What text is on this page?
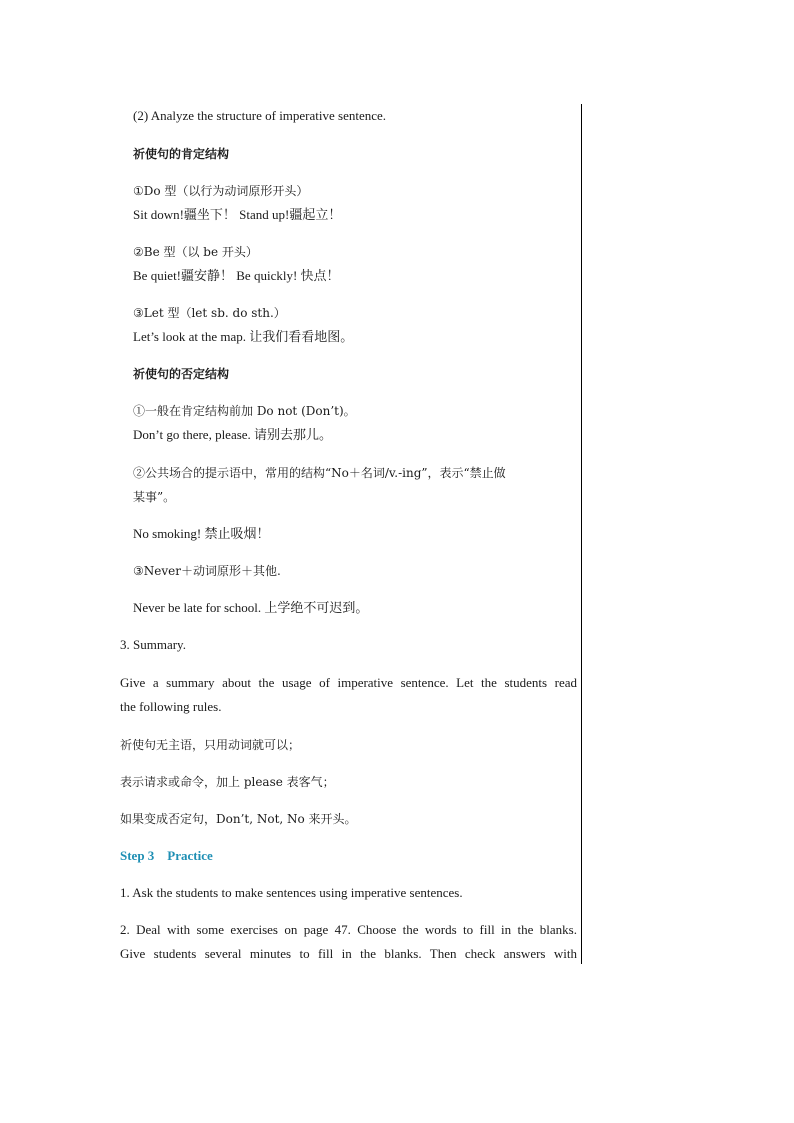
(2) Analyze the structure of imperative sentence.
祈使句的肯定结构
①Do 型（以行为动词原形开头）
Sit down!疆坐下！ Stand up!疆起立！
②Be 型（以 be 开头）
Be quiet!疆安静！ Be quickly! 快点！
③Let 型（let sb. do sth.）
Let’s look at the map. 让我们看看地图。
祈使句的否定结构
①一般在肯定结构前加 Do not (Don’t)。
Don’t go there, please. 请别去那儿。
②公共场合的提示语中，常用的结构“No＋名词/v.-ing”，表示“禁止做
某事”。
No smoking! 禁止吸烟！
③Never＋动词原形＋其他.
Never be late for school. 上学绝不可迟到。
3. Summary.
Give a summary about the usage of imperative sentence. Let the students read
the following rules.
祈使句无主语，只用动词就可以；
表示请求或命令，加上 please 表客气；
如果变成否定句，Don’t, Not, No 来开头。
Step 3    Practice
1. Ask the students to make sentences using imperative sentences.
2. Deal with some exercises on page 47. Choose the words to fill in the blanks.
Give students several minutes to fill in the blanks. Then check answers with
